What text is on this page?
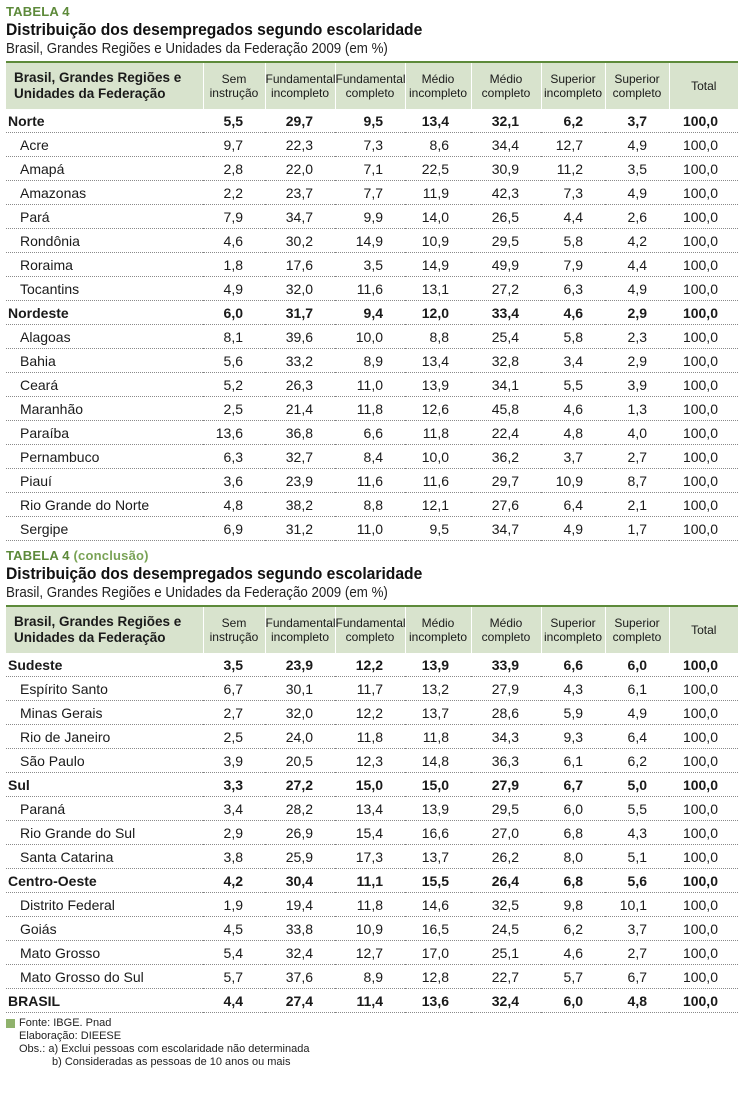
TABELA 4
Distribuição dos desempregados segundo escolaridade
Brasil, Grandes Regiões e Unidades da Federação 2009 (em %)
Brasil, Grandes Regiões e Unidades da Federação	Sem instrução	Fundamental incompleto	Fundamental completo	Médio incompleto	Médio completo	Superior incompleto	Superior completo	Total
Norte	5,5	29,7	9,5	13,4	32,1	6,2	3,7	100,0
Acre	9,7	22,3	7,3	8,6	34,4	12,7	4,9	100,0
Amapá	2,8	22,0	7,1	22,5	30,9	11,2	3,5	100,0
Amazonas	2,2	23,7	7,7	11,9	42,3	7,3	4,9	100,0
Pará	7,9	34,7	9,9	14,0	26,5	4,4	2,6	100,0
Rondônia	4,6	30,2	14,9	10,9	29,5	5,8	4,2	100,0
Roraima	1,8	17,6	3,5	14,9	49,9	7,9	4,4	100,0
Tocantins	4,9	32,0	11,6	13,1	27,2	6,3	4,9	100,0
Nordeste	6,0	31,7	9,4	12,0	33,4	4,6	2,9	100,0
Alagoas	8,1	39,6	10,0	8,8	25,4	5,8	2,3	100,0
Bahia	5,6	33,2	8,9	13,4	32,8	3,4	2,9	100,0
Ceará	5,2	26,3	11,0	13,9	34,1	5,5	3,9	100,0
Maranhão	2,5	21,4	11,8	12,6	45,8	4,6	1,3	100,0
Paraíba	13,6	36,8	6,6	11,8	22,4	4,8	4,0	100,0
Pernambuco	6,3	32,7	8,4	10,0	36,2	3,7	2,7	100,0
Piauí	3,6	23,9	11,6	11,6	29,7	10,9	8,7	100,0
Rio Grande do Norte	4,8	38,2	8,8	12,1	27,6	6,4	2,1	100,0
Sergipe	6,9	31,2	11,0	9,5	34,7	4,9	1,7	100,0
TABELA 4 (conclusão)
Distribuição dos desempregados segundo escolaridade
Brasil, Grandes Regiões e Unidades da Federação 2009 (em %)
Brasil, Grandes Regiões e Unidades da Federação	Sem instrução	Fundamental incompleto	Fundamental completo	Médio incompleto	Médio completo	Superior incompleto	Superior completo	Total
Sudeste	3,5	23,9	12,2	13,9	33,9	6,6	6,0	100,0
Espírito Santo	6,7	30,1	11,7	13,2	27,9	4,3	6,1	100,0
Minas Gerais	2,7	32,0	12,2	13,7	28,6	5,9	4,9	100,0
Rio de Janeiro	2,5	24,0	11,8	11,8	34,3	9,3	6,4	100,0
São Paulo	3,9	20,5	12,3	14,8	36,3	6,1	6,2	100,0
Sul	3,3	27,2	15,0	15,0	27,9	6,7	5,0	100,0
Paraná	3,4	28,2	13,4	13,9	29,5	6,0	5,5	100,0
Rio Grande do Sul	2,9	26,9	15,4	16,6	27,0	6,8	4,3	100,0
Santa Catarina	3,8	25,9	17,3	13,7	26,2	8,0	5,1	100,0
Centro-Oeste	4,2	30,4	11,1	15,5	26,4	6,8	5,6	100,0
Distrito Federal	1,9	19,4	11,8	14,6	32,5	9,8	10,1	100,0
Goiás	4,5	33,8	10,9	16,5	24,5	6,2	3,7	100,0
Mato Grosso	5,4	32,4	12,7	17,0	25,1	4,6	2,7	100,0
Mato Grosso do Sul	5,7	37,6	8,9	12,8	22,7	5,7	6,7	100,0
BRASIL	4,4	27,4	11,4	13,6	32,4	6,0	4,8	100,0
Fonte: IBGE. Pnad
Elaboração: DIEESE
Obs.: a) Exclui pessoas com escolaridade não determinada
b) Consideradas as pessoas de 10 anos ou mais
